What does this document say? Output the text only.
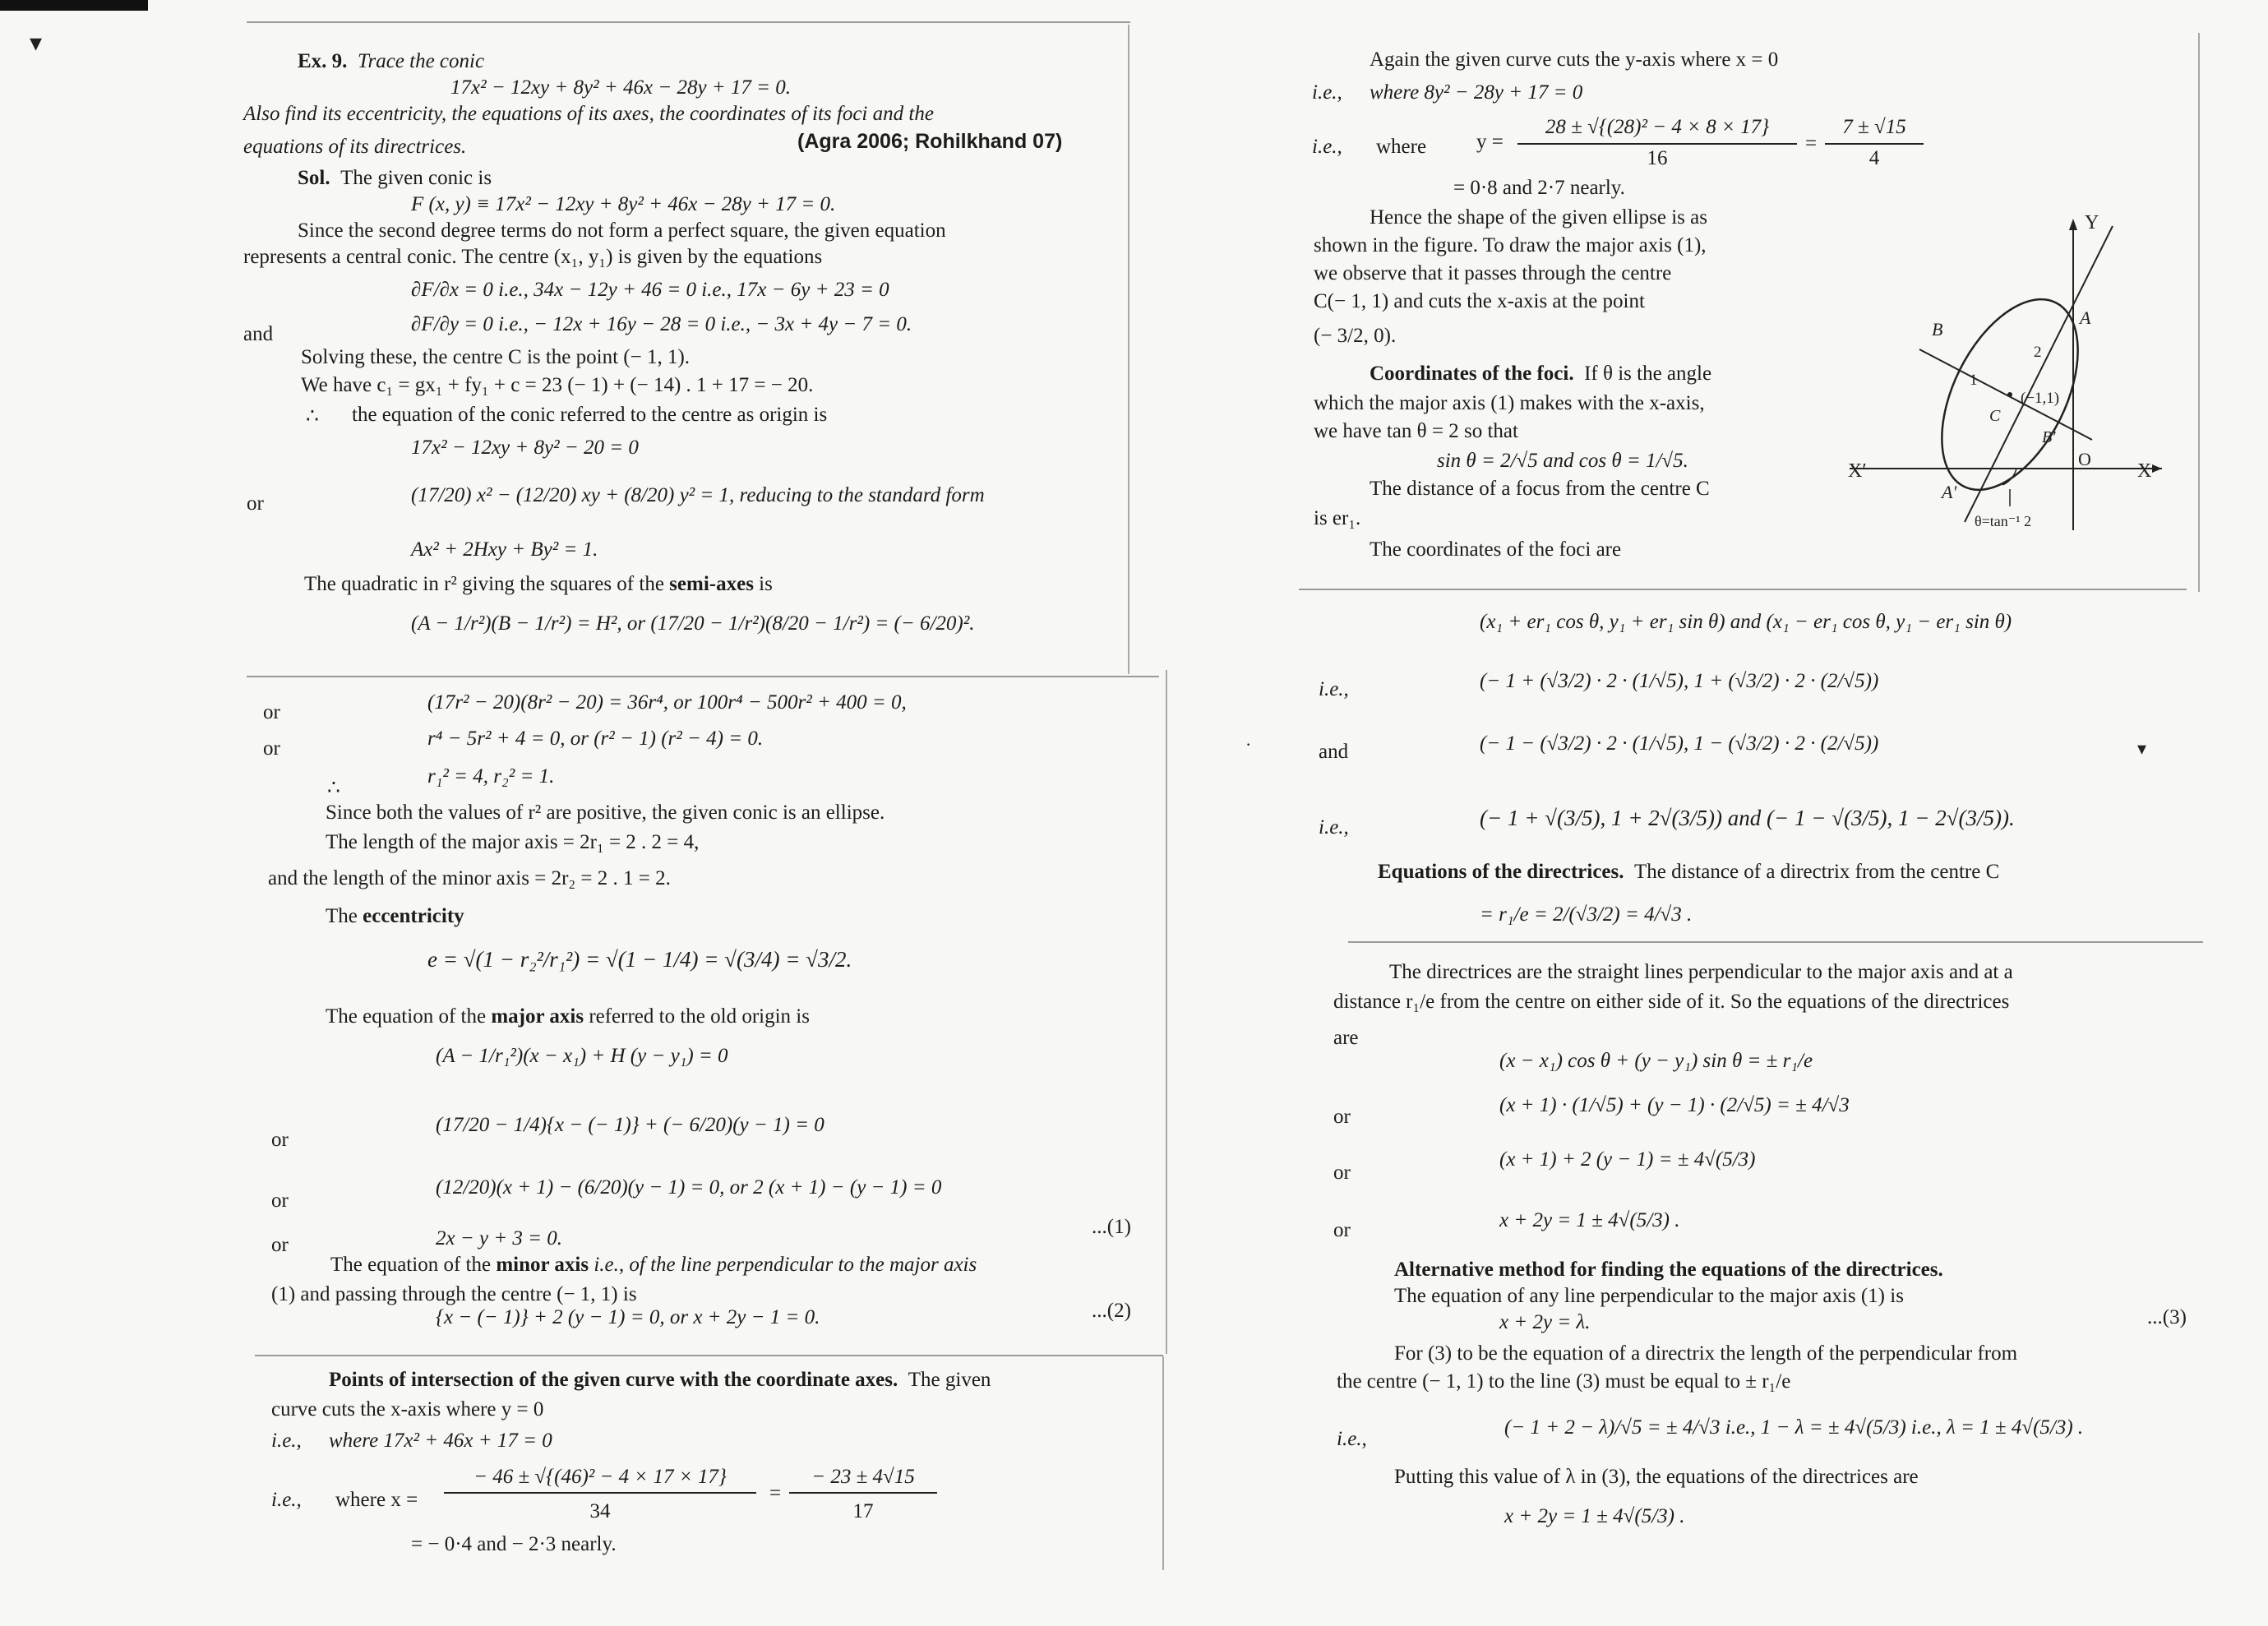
▾
·	▾
Ex. 9. Trace the conic
17x² − 12xy + 8y² + 46x − 28y + 17 = 0.
Also find its eccentricity, the equations of its axes, the coordinates of its foci and the
equations of its directrices.	(Agra 2006; Rohilkhand 07)
Sol. The given conic is
F (x, y) ≡ 17x² − 12xy + 8y² + 46x − 28y + 17 = 0.
Since the second degree terms do not form a perfect square, the given equation
represents a central conic. The centre (x₁, y₁) is given by the equations
∂F/∂x = 0 i.e., 34x − 12y + 46 = 0 i.e., 17x − 6y + 23 = 0
and	∂F/∂y = 0 i.e., − 12x + 16y − 28 = 0 i.e., − 3x + 4y − 7 = 0.
Solving these, the centre C is the point (− 1, 1).
We have c₁ = gx₁ + fy₁ + c = 23 (− 1) + (− 14) . 1 + 17 = − 20.
∴ the equation of the conic referred to the centre as origin is
17x² − 12xy + 8y² − 20 = 0
or	(17/20) x² − (12/20) xy + (8/20) y² = 1, reducing to the standard form
Ax² + 2Hxy + By² = 1.
The quadratic in r² giving the squares of the semi-axes is
(A − 1/r²)(B − 1/r²) = H², or (17/20 − 1/r²)(8/20 − 1/r²) = (− 6/20)².
or	(17r² − 20)(8r² − 20) = 36r⁴, or 100r⁴ − 500r² + 400 = 0,
or	r⁴ − 5r² + 4 = 0, or (r² − 1) (r² − 4) = 0.
∴
r₁² = 4, r₂² = 1.
Since both the values of r² are positive, the given conic is an ellipse.
The length of the major axis = 2r₁ = 2 . 2 = 4,
and the length of the minor axis = 2r₂ = 2 . 1 = 2.
The eccentricity
e = √(1 − r₂²/r₁²) = √(1 − 1/4) = √(3/4) = √3/2.
The equation of the major axis referred to the old origin is
(A − 1/r₁²)(x − x₁) + H (y − y₁) = 0
or
(17/20 − 1/4){x − (− 1)} + (− 6/20)(y − 1) = 0
or
(12/20)(x + 1) − (6/20)(y − 1) = 0, or 2 (x + 1) − (y − 1) = 0
or	2x − y + 3 = 0.
...(1)
The equation of the minor axis i.e., of the line perpendicular to the major axis
(1) and passing through the centre (− 1, 1) is
{x − (− 1)} + 2 (y − 1) = 0, or x + 2y − 1 = 0.	...(2)
Points of intersection of the given curve with the coordinate axes. The given
curve cuts the x-axis where y = 0
i.e., where 17x² + 46x + 17 = 0
i.e., where x =
− 46 ± √{(46)² − 4 × 17 × 17}
34
=
− 23 ± 4√15
17
= − 0·4 and − 2·3 nearly.
Again the given curve cuts the y-axis where x = 0
i.e., where 8y² − 28y + 17 = 0
i.e., where y =
28 ± √{(28)² − 4 × 8 × 17}
16
=
7 ± √15
4
= 0·8 and 2·7 nearly.
Hence the shape of the given ellipse is as
shown in the figure. To draw the major axis (1),
we observe that it passes through the centre
C(− 1, 1) and cuts the x-axis at the point
(− 3/2, 0).
Coordinates of the foci. If θ is the angle
which the major axis (1) makes with the x-axis,
we have tan θ = 2 so that
sin θ = 2/√5 and cos θ = 1/√5.
The distance of a focus from the centre C
is er₁.
The coordinates of the foci are
(x₁ + er₁ cos θ, y₁ + er₁ sin θ) and (x₁ − er₁ cos θ, y₁ − er₁ sin θ)
i.e.,	(− 1 + (√3/2) · 2 · (1/√5), 1 + (√3/2) · 2 · (2/√5))
and	(− 1 − (√3/2) · 2 · (1/√5), 1 − (√3/2) · 2 · (2/√5))
i.e.,	(− 1 + √(3/5), 1 + 2√(3/5)) and (− 1 − √(3/5), 1 − 2√(3/5)).
Equations of the directrices. The distance of a directrix from the centre C
= r₁/e = 2/(√3/2) = 4/√3 .
The directrices are the straight lines perpendicular to the major axis and at a
distance r₁/e from the centre on either side of it. So the equations of the directrices
are
(x − x₁) cos θ + (y − y₁) sin θ = ± r₁/e
or
(x + 1) · (1/√5) + (y − 1) · (2/√5) = ± 4/√3
or
(x + 1) + 2 (y − 1) = ± 4√(5/3)
or	x + 2y = 1 ± 4√(5/3) .
Alternative method for finding the equations of the directrices.
The equation of any line perpendicular to the major axis (1) is
x + 2y = λ.	...(3)
For (3) to be the equation of a directrix the length of the perpendicular from
the centre (− 1, 1) to the line (3) must be equal to ± r₁/e
i.e.,
(− 1 + 2 − λ)/√5 = ± 4/√3 i.e., 1 − λ = ± 4√(5/3) i.e., λ = 1 ± 4√(5/3) .
Putting this value of λ in (3), the equations of the directrices are
x + 2y = 1 ± 4√(5/3) .
Y
X
X′
O
A
A′
B
B′
C
(−1,1)
1
2
θ=tan⁻¹ 2
